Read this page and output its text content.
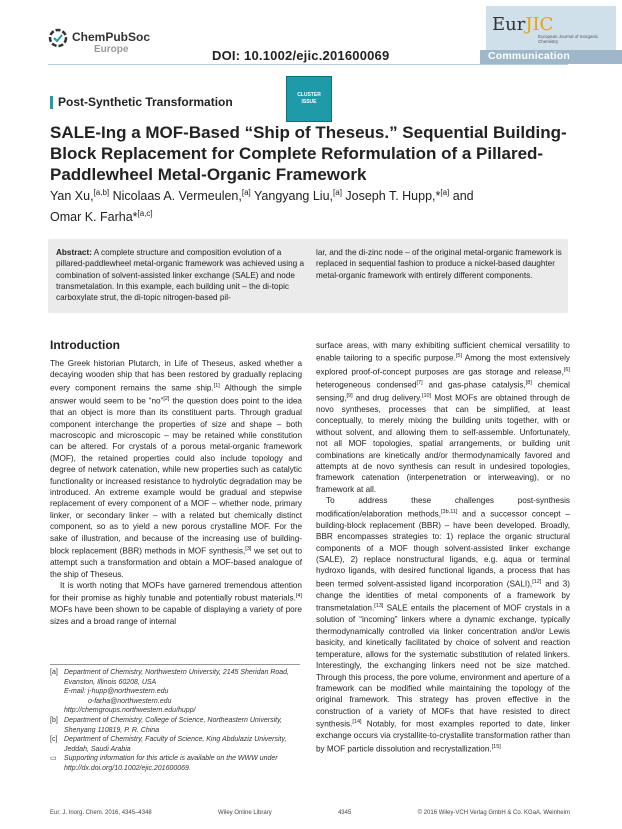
ChemPubSoc
Europe	DOI: 10.1002/ejic.201600069
EurJIC
European Journal of Inorganic Chemistry
Communication
CLUSTER
ISSUE
Post-Synthetic Transformation
SALE-Ing a MOF-Based “Ship of Theseus.” Sequential Building-Block Replacement for Complete Reformulation of a Pillared-Paddlewheel Metal-Organic Framework
Yan Xu,[a,b] Nicolaas A. Vermeulen,[a] Yangyang Liu,[a] Joseph T. Hupp,*[a] and
Omar K. Farha*[a,c]
Abstract: A complete structure and composition evolution of a pillared-paddlewheel metal-organic framework was achieved using a combination of solvent-assisted linker exchange (SALE) and node transmetalation. In this example, each building unit – the di-topic carboxylate strut, the di-topic nitrogen-based pil-
lar, and the di-zinc node – of the original metal-organic framework is replaced in sequential fashion to produce a nickel-based daughter metal-organic framework with entirely different components.
Introduction

The Greek historian Plutarch, in Life of Theseus, asked whether a decaying wooden ship that has been restored by gradually replacing every component remains the same ship.[1] Although the simple answer would seem to be “no”[2] the question does point to the idea that an object is more than its constituent parts. Through gradual component interchange the properties of size and shape – both macroscopic and microscopic – may be retained while constitution can be altered. For crystals of a porous metal-organic framework (MOF), the retained properties could also include topology and degree of network catenation, while new properties such as catalytic functionality or increased resistance to hydrolytic degradation may be introduced. An extreme example would be gradual and stepwise replacement of every component of a MOF – whether node, primary linker, or secondary linker – with a related but chemically distinct component, so as to yield a new porous crystalline MOF. For the sake of illustration, and because of the increasing use of building-block replacement (BBR) methods in MOF synthesis,[3] we set out to attempt such a transformation and obtain a MOF-based analogue of the ship of Theseus.

It is worth noting that MOFs have garnered tremendous attention for their promise as highly tunable and potentially robust materials.[4] MOFs have been shown to be capable of displaying a variety of pore sizes and a broad range of internal

[a] Department of Chemistry, Northwestern University, 2145 Sheridan Road, Evanston, Illinois 60208, USA
E-mail: j-hupp@northwestern.edu
o-farha@northwestern.edu
http://chemgroups.northwestern.edu/hupp/
[b] Department of Chemistry, College of Science, Northeastern University, Shenyang 110819, P. R. China
[c] Department of Chemistry, Faculty of Science, King Abdulaziz University, Jeddah, Saudi Arabia
▭	Supporting information for this article is available on the WWW under http://dx.doi.org/10.1002/ejic.201600069.

surface areas, with many exhibiting sufficient chemical versatility to enable tailoring to a specific purpose.[5] Among the most extensively explored proof-of-concept purposes are gas storage and release,[6] heterogeneous condensed[7] and gas-phase catalysis,[8] chemical sensing,[9] and drug delivery.[10] Most MOFs are obtained through de novo syntheses, processes that can be simplified, at least conceptually, to merely mixing the building units together, with or without solvent, and allowing them to self-assemble. Unfortunately, not all MOF topologies, spatial arrangements, or building unit combinations are kinetically and/or thermodynamically favored and attempts at de novo synthesis can result in undesired topologies, framework catenation (interpenetration or interweaving), or no framework at all.

To address these challenges post-synthesis modification/elaboration methods,[3b,11] and a successor concept – building-block replacement (BBR) – have been developed. Broadly, BBR encompasses strategies to: 1) replace the organic structural components of a MOF though solvent-assisted linker exchange (SALE), 2) replace nonstructural ligands, e.g. aqua or terminal hydroxo ligands, with desired functional ligands, a process that has been termed solvent-assisted ligand incorporation (SALI),[12] and 3) change the identities of metal components of a framework by transmetalation.[13] SALE entails the placement of MOF crystals in a solution of “incoming” linkers where a dynamic exchange, typically thermodynamically controlled via linker concentration and/or Lewis basicity, and kinetically facilitated by choice of solvent and reaction temperature, allows for the systematic substitution of related linkers. Interestingly, the exchanging linkers need not be size matched. Through this process, the pore volume, environment and aperture of a framework can be modified while maintaining the topology of the original framework. This strategy has proven effective in the construction of a variety of MOFs that have resisted to direct synthesis.[14] Notably, for most examples reported to date, linker exchange occurs via crystallite-to-crystallite transformation rather than by MOF particle dissolution and recrystallization.[15]

Eur. J. Inorg. Chem. 2016, 4345–4348	Wiley Online Library	4345	© 2016 Wiley-VCH Verlag GmbH & Co. KGaA, Weinheim
